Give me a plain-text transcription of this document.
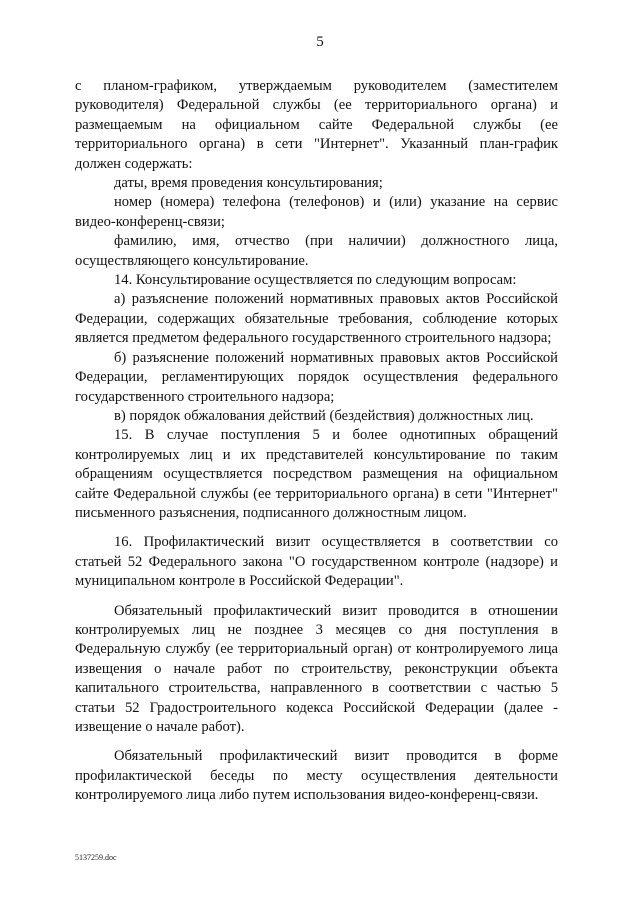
5

с планом-графиком, утверждаемым руководителем (заместителем руководителя) Федеральной службы (ее территориального органа) и размещаемым на официальном сайте Федеральной службы (ее территориального органа) в сети "Интернет". Указанный план-график должен содержать:

даты, время проведения консультирования;

номер (номера) телефона (телефонов) и (или) указание на сервис видео-конференц-связи;

фамилию, имя, отчество (при наличии) должностного лица, осуществляющего консультирование.

14. Консультирование осуществляется по следующим вопросам:

а) разъяснение положений нормативных правовых актов Российской Федерации, содержащих обязательные требования, соблюдение которых является предметом федерального государственного строительного надзора;

б) разъяснение положений нормативных правовых актов Российской Федерации, регламентирующих порядок осуществления федерального государственного строительного надзора;

в) порядок обжалования действий (бездействия) должностных лиц.

15. В случае поступления 5 и более однотипных обращений контролируемых лиц и их представителей консультирование по таким обращениям осуществляется посредством размещения на официальном сайте Федеральной службы (ее территориального органа) в сети "Интернет" письменного разъяснения, подписанного должностным лицом.

16. Профилактический визит осуществляется в соответствии со статьей 52 Федерального закона "О государственном контроле (надзоре) и муниципальном контроле в Российской Федерации".

Обязательный профилактический визит проводится в отношении контролируемых лиц не позднее 3 месяцев со дня поступления в Федеральную службу (ее территориальный орган) от контролируемого лица извещения о начале работ по строительству, реконструкции объекта капитального строительства, направленного в соответствии с частью 5 статьи 52 Градостроительного кодекса Российской Федерации (далее - извещение о начале работ).

Обязательный профилактический визит проводится в форме профилактической беседы по месту осуществления деятельности контролируемого лица либо путем использования видео-конференц-связи.

5137259.doc
